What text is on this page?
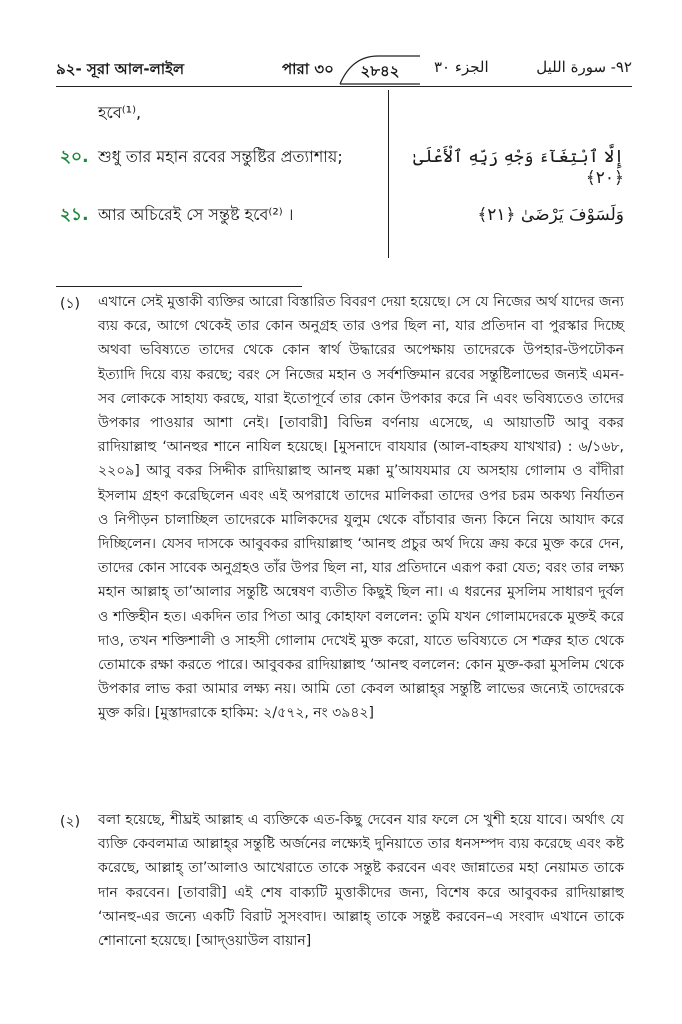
৯২- সূরা আল-লাইল	পারা ৩০	২৮৪২	الجزء ٣٠	٩٢- سورة الليل
হবে⁽¹⁾,
২০. শুধু তার মহান রবের সন্তুষ্টির প্রত্যাশায়;	إِلَّا ٱبْتِغَآءَ وَجْهِ رَبِّهِ ٱلْأَعْلَىٰ ﴿٢٠﴾
২১. আর অচিরেই সে সন্তুষ্ট হবে⁽²⁾ ।	وَلَسَوْفَ يَرْضَىٰ ﴿٢١﴾
(১) এখানে সেই মুত্তাকী ব্যক্তির আরো বিস্তারিত বিবরণ দেয়া হয়েছে। সে যে নিজের অর্থ যাদের জন্য ব্যয় করে, আগে থেকেই তার কোন অনুগ্রহ তার ওপর ছিল না, যার প্রতিদান বা পুরস্কার দিচ্ছে অথবা ভবিষ্যতে তাদের থেকে কোন স্বার্থ উদ্ধারের অপেক্ষায় তাদেরকে উপহার-উপঢৌকন ইত্যাদি দিয়ে ব্যয় করছে; বরং সে নিজের মহান ও সর্বশক্তিমান রবের সন্তুষ্টিলাভের জন্যই এমন-সব লোককে সাহায্য করছে, যারা ইতোপূর্বে তার কোন উপকার করে নি এবং ভবিষ্যতেও তাদের উপকার পাওয়ার আশা নেই। [তাবারী] বিভিন্ন বর্ণনায় এসেছে, এ আয়াতটি আবু বকর রাদিয়াল্লাহু ‘আনহুর শানে নাযিল হয়েছে। [মুসনাদে বাযযার (আল-বাহরুয যাখখার) : ৬/১৬৮, ২২০৯] আবু বকর সিদ্দীক রাদিয়াল্লাহু আনহু মক্কা মু’আযযমার যে অসহায় গোলাম ও বাঁদীরা ইসলাম গ্রহণ করেছিলেন এবং এই অপরাধে তাদের মালিকরা তাদের ওপর চরম অকথ্য নির্যাতন ও নিপীড়ন চালাচ্ছিল তাদেরকে মালিকদের যুলুম থেকে বাঁচাবার জন্য কিনে নিয়ে আযাদ করে দিচ্ছিলেন। যেসব দাসকে আবুবকর রাদিয়াল্লাহু ‘আনহু প্রচুর অর্থ দিয়ে ক্রয় করে মুক্ত করে দেন, তাদের কোন সাবেক অনুগ্রহও তাঁর উপর ছিল না, যার প্রতিদানে এরূপ করা যেত; বরং তার লক্ষ্য মহান আল্লাহ্‌ তা’আলার সন্তুষ্টি অন্বেষণ ব্যতীত কিছুই ছিল না। এ ধরনের মুসলিম সাধারণ দুর্বল ও শক্তিহীন হত। একদিন তার পিতা আবু কোহাফা বললেন: তুমি যখন গোলামদেরকে মুক্তই করে দাও, তখন শক্তিশালী ও সাহসী গোলাম দেখেই মুক্ত করো, যাতে ভবিষ্যতে সে শত্রুর হাত থেকে তোমাকে রক্ষা করতে পারে। আবুবকর রাদিয়াল্লাহু ‘আনহু বললেন: কোন মুক্ত-করা মুসলিম থেকে উপকার লাভ করা আমার লক্ষ্য নয়। আমি তো কেবল আল্লাহ্‌র সন্তুষ্টি লাভের জন্যেই তাদেরকে মুক্ত করি। [মুস্তাদরাকে হাকিম: ২/৫৭২, নং ৩৯৪২]
(২) বলা হয়েছে, শীঘ্রই আল্লাহ এ ব্যক্তিকে এত-কিছু দেবেন যার ফলে সে খুশী হয়ে যাবে। অর্থাৎ যে ব্যক্তি কেবলমাত্র আল্লাহ্‌র সন্তুষ্টি অর্জনের লক্ষ্যেই দুনিয়াতে তার ধনসম্পদ ব্যয় করেছে এবং কষ্ট করেছে, আল্লাহ্‌ তা’আলাও আখেরাতে তাকে সন্তুষ্ট করবেন এবং জান্নাতের মহা নেয়ামত তাকে দান করবেন। [তাবারী] এই শেষ বাক্যটি মুত্তাকীদের জন্য, বিশেষ করে আবুবকর রাদিয়াল্লাহু ‘আনহু-এর জন্যে একটি বিরাট সুসংবাদ। আল্লাহ্‌ তাকে সন্তুষ্ট করবেন–এ সংবাদ এখানে তাকে শোনানো হয়েছে। [আদ্‌ওয়াউল বায়ান]
